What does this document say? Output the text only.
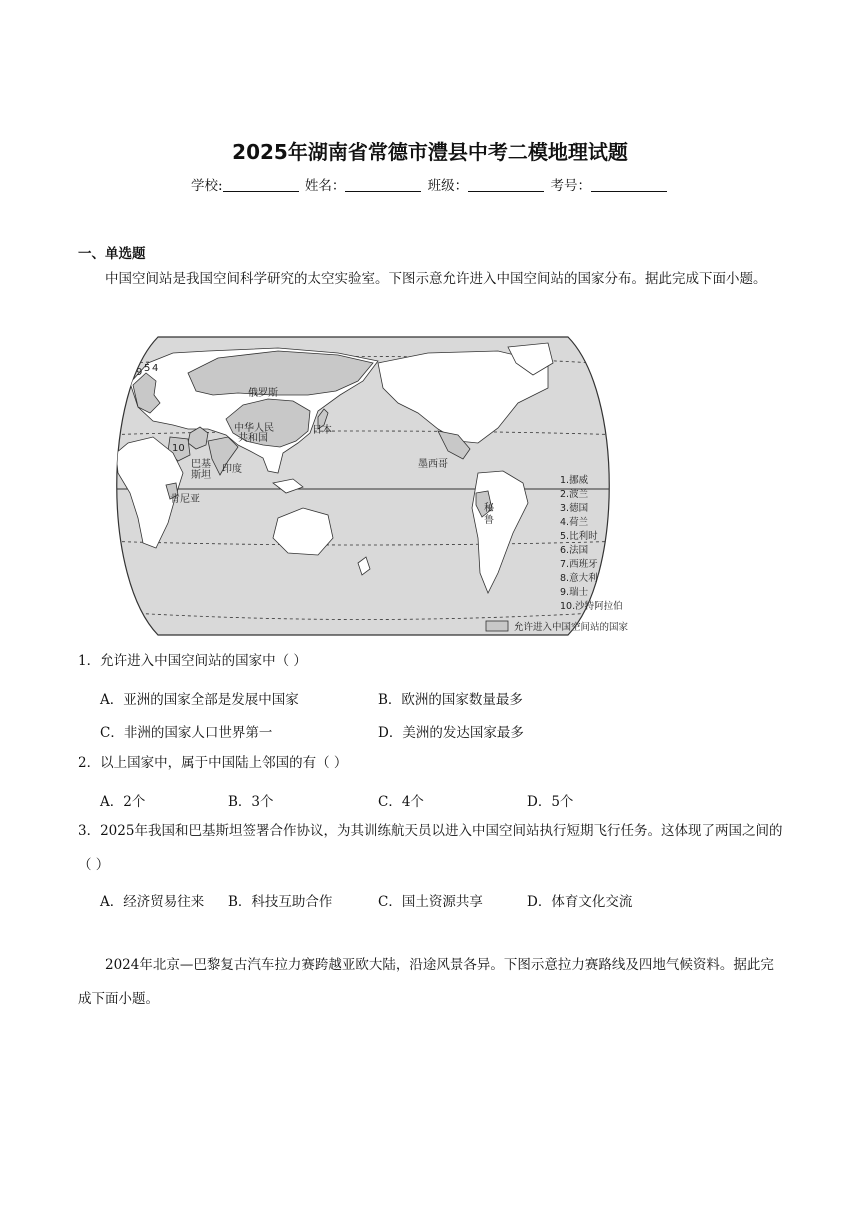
2025年湖南省常德市澧县中考二模地理试题
学校:	姓名：	班级：	考号：
一、单选题
中国空间站是我国空间科学研究的太空实验室。下图示意允许进入中国空间站的国家分布。据此完成下面小题。
俄罗斯
中华人民
共和国
日本
巴基
斯坦
印度	墨西哥
肯尼亚
秘
鲁
9 5 4
10
1.挪威
2.波兰
3.德国
4.荷兰
5.比利时
6.法国
7.西班牙
8.意大利
9.瑞士
10.沙特阿拉伯
允许进入中国空间站的国家
1．允许进入中国空间站的国家中（ ）
A．亚洲的国家全部是发展中国家	B．欧洲的国家数量最多
C．非洲的国家人口世界第一	D．美洲的发达国家最多
2．以上国家中，属于中国陆上邻国的有（ ）
A．2个	B．3个	C．4个	D．5个
3．2025年我国和巴基斯坦签署合作协议，为其训练航天员以进入中国空间站执行短期飞行任务。这体现了两国之间的（ ）
A．经济贸易往来 B．科技互助合作	C．国土资源共享	D．体育文化交流
2024年北京—巴黎复古汽车拉力赛跨越亚欧大陆，沿途风景各异。下图示意拉力赛路线及四地气候资料。据此完成下面小题。
